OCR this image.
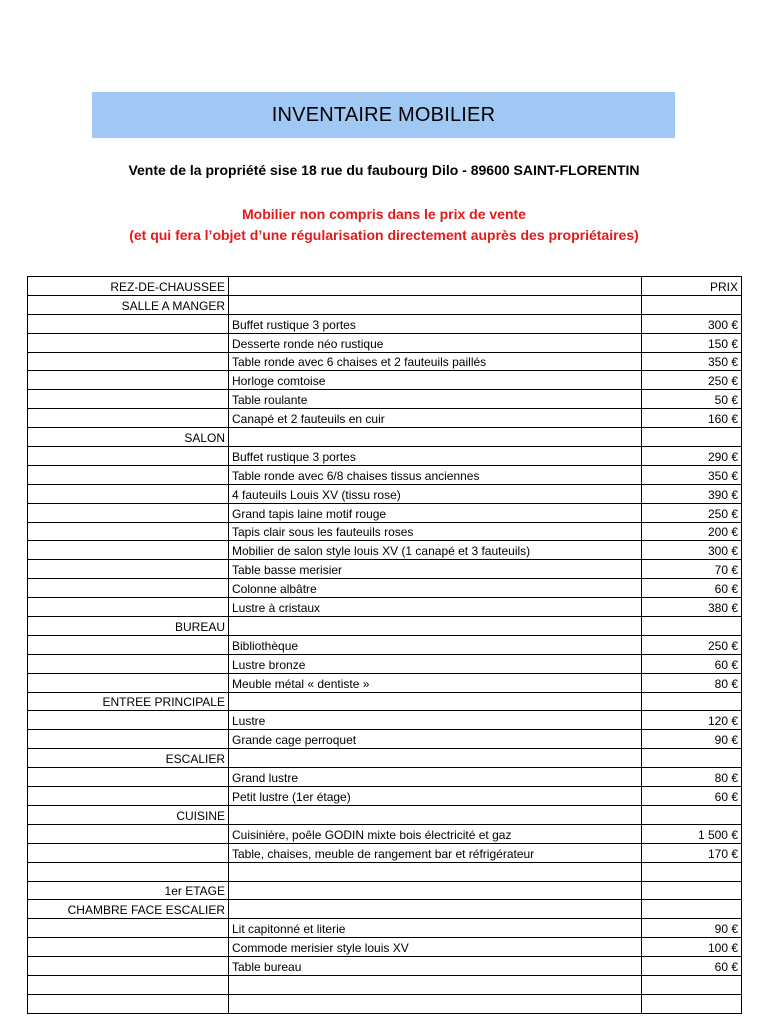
INVENTAIRE MOBILIER
Vente de la propriété sise 18 rue du faubourg Dilo - 89600 SAINT-FLORENTIN
Mobilier non compris dans le prix de vente
(et qui fera l’objet d’une régularisation directement auprès des propriétaires)
REZ-DE-CHAUSSEE		PRIX
SALLE A MANGER		
	Buffet rustique 3 portes	300 €
	Desserte ronde néo rustique	150 €
	Table ronde avec 6 chaises et 2 fauteuils paillés	350 €
	Horloge comtoise	250 €
	Table roulante	50 €
	Canapé et 2 fauteuils en cuir	160 €
SALON		
	Buffet rustique 3 portes	290 €
	Table ronde avec 6/8 chaises tissus anciennes	350 €
	4 fauteuils Louis XV (tissu rose)	390 €
	Grand tapis laine motif rouge	250 €
	Tapis clair sous les fauteuils roses	200 €
	Mobilier de salon style louis XV (1 canapé et 3 fauteuils)	300 €
	Table basse merisier	70 €
	Colonne albâtre	60 €
	Lustre à cristaux	380 €
BUREAU		
	Bibliothèque	250 €
	Lustre bronze	60 €
	Meuble métal « dentiste »	80 €
ENTREE PRINCIPALE		
	Lustre	120 €
	Grande cage perroquet	90 €
ESCALIER		
	Grand lustre	80 €
	Petit lustre (1er étage)	60 €
CUISINE		
	Cuisinière, poêle GODIN mixte bois électricité et gaz	1 500 €
	Table, chaises, meuble de rangement bar et réfrigérateur	170 €

1er ETAGE		
CHAMBRE FACE ESCALIER		
	Lit capitonné et literie	90 €
	Commode merisier style louis XV	100 €
	Table bureau	60 €
